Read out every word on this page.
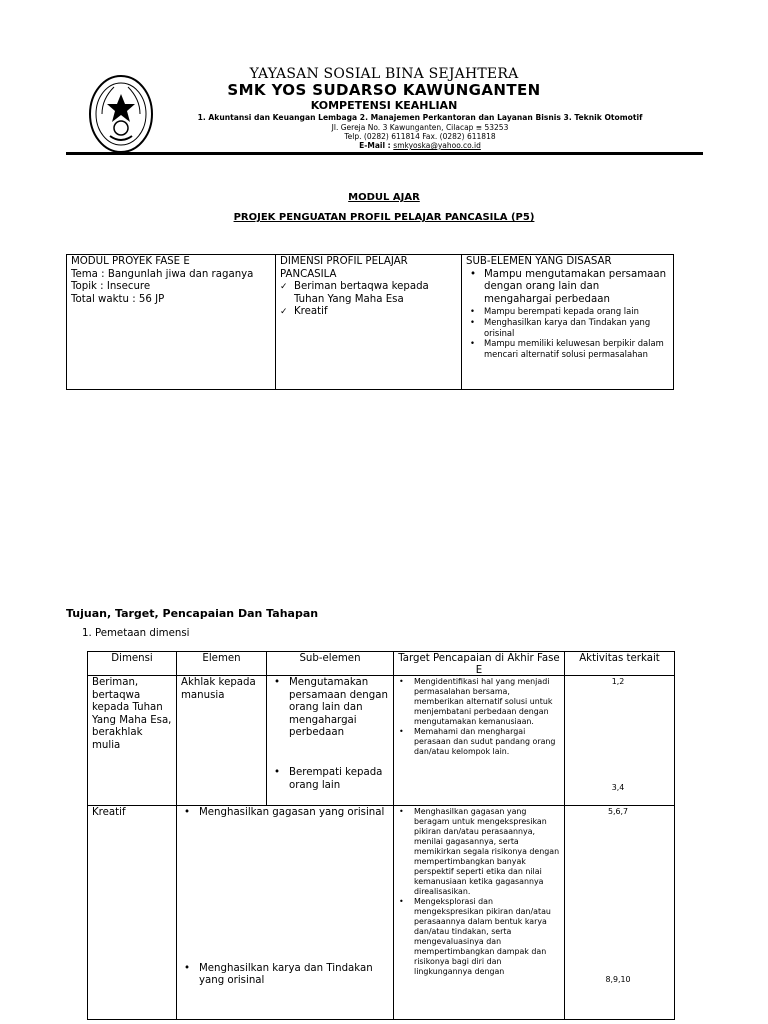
YAYASAN SOSIAL BINA SEJAHTERA
SMK YOS SUDARSO KAWUNGANTEN
KOMPETENSI KEAHLIAN
1. Akuntansi dan Keuangan Lembaga 2. Manajemen Perkantoran dan Layanan Bisnis 3. Teknik Otomotif
Jl. Gereja No. 3 Kawunganten, Cilacap ≡ 53253
Telp. (0282) 611814 Fax. (0282) 611818
E-Mail : smkyoska@yahoo.co.id
MODUL AJAR
PROJEK PENGUATAN PROFIL PELAJAR PANCASILA (P5)
MODUL PROYEK FASE E
Tema : Bangunlah jiwa dan raganya
Topik : Insecure
Total waktu : 56 JP
DIMENSI PROFIL PELAJAR PANCASILA
✓ Beriman bertaqwa kepada Tuhan Yang Maha Esa
✓ Kreatif
SUB-ELEMEN YANG DISASAR
• Mampu mengutamakan persamaan dengan orang lain dan mengahargai perbedaan
• Mampu berempati kepada orang lain
• Menghasilkan karya dan Tindakan yang orisinal
• Mampu memiliki keluwesan berpikir dalam mencari alternatif solusi permasalahan
Tujuan, Target, Pencapaian Dan Tahapan
1. Pemetaan dimensi
Dimensi	Elemen	Sub-elemen	Target Pencapaian di Akhir Fase E
Aktivitas terkait
Beriman, bertaqwa kepada Tuhan Yang Maha Esa, berakhlak mulia
Akhlak kepada manusia
• Mengutamakan persamaan dengan orang lain dan mengahargai perbedaan
• Berempati kepada orang lain
• Mengidentifikasi hal yang menjadi permasalahan bersama, memberikan alternatif solusi untuk menjembatani perbedaan dengan mengutamakan kemanusiaan.
• Memahami dan menghargai perasaan dan sudut pandang orang dan/atau kelompok lain.
1,2
3,4
Kreatif
•	Menghasilkan gagasan yang orisinal
• Menghasilkan karya dan Tindakan yang orisinal
• Menghasilkan gagasan yang beragam untuk mengekspresikan pikiran dan/atau perasaannya, menilai gagasannya, serta memikirkan segala risikonya dengan mempertimbangkan banyak perspektif seperti etika dan nilai kemanusiaan ketika gagasannya direalisasikan.
• Mengeksplorasi dan mengekspresikan pikiran dan/atau perasaannya dalam bentuk karya dan/atau tindakan, serta mengevaluasinya dan mempertimbangkan dampak dan risikonya bagi diri dan lingkungannya dengan
5,6,7
8,9,10
